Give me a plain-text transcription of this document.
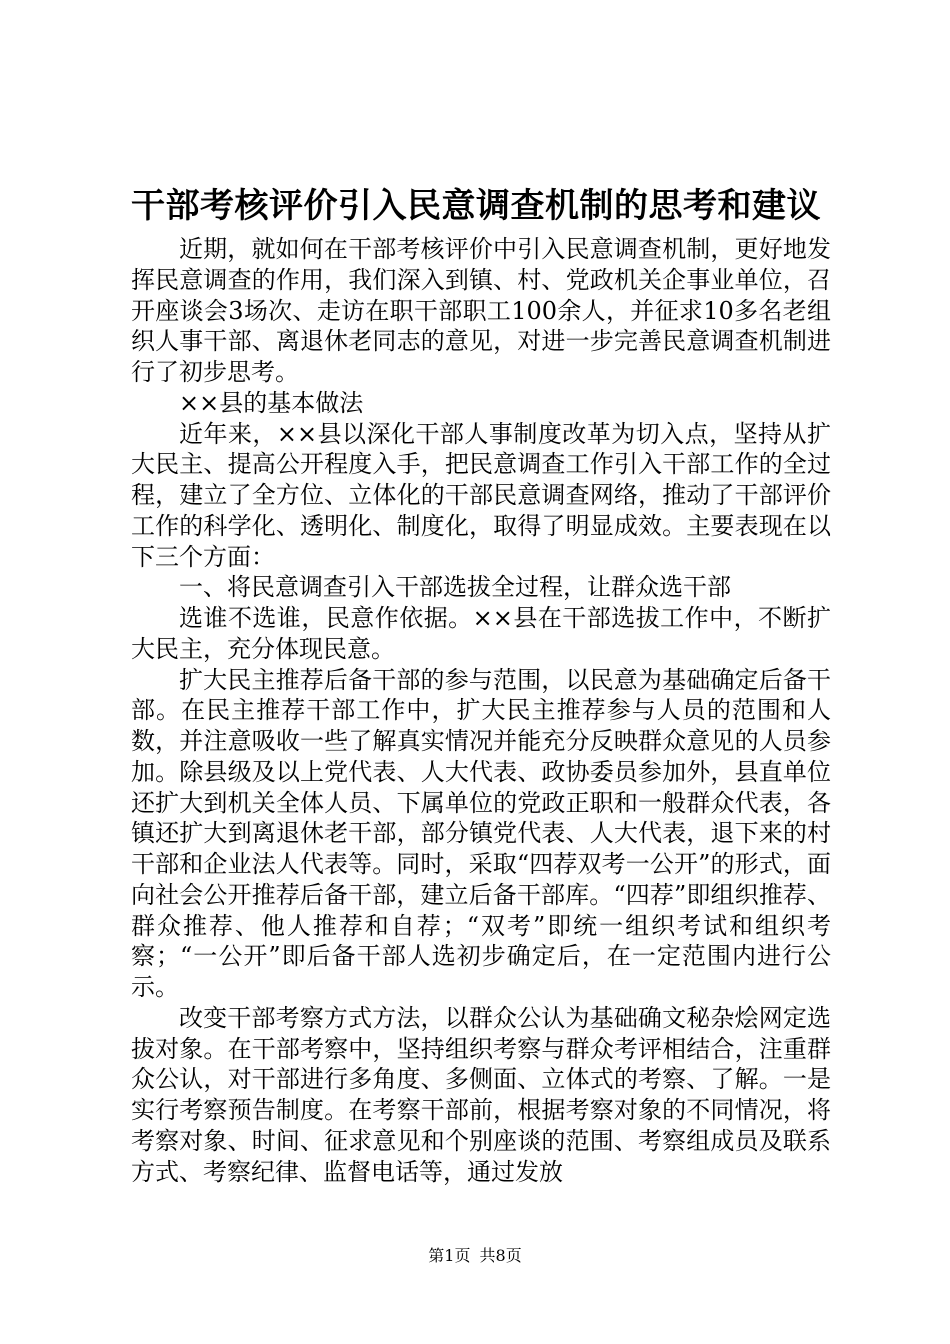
干部考核评价引入民意调查机制的思考和建议

近期，就如何在干部考核评价中引入民意调查机制，更好地发挥民意调查的作用，我们深入到镇、村、党政机关企事业单位，召开座谈会3场次、走访在职干部职工100余人，并征求10多名老组织人事干部、离退休老同志的意见，对进一步完善民意调查机制进行了初步思考。

××县的基本做法

近年来，××县以深化干部人事制度改革为切入点，坚持从扩大民主、提高公开程度入手，把民意调查工作引入干部工作的全过程，建立了全方位、立体化的干部民意调查网络，推动了干部评价工作的科学化、透明化、制度化，取得了明显成效。主要表现在以下三个方面：

一、将民意调查引入干部选拔全过程，让群众选干部

选谁不选谁，民意作依据。××县在干部选拔工作中，不断扩大民主，充分体现民意。

扩大民主推荐后备干部的参与范围，以民意为基础确定后备干部。在民主推荐干部工作中，扩大民主推荐参与人员的范围和人数，并注意吸收一些了解真实情况并能充分反映群众意见的人员参加。除县级及以上党代表、人大代表、政协委员参加外，县直单位还扩大到机关全体人员、下属单位的党政正职和一般群众代表，各镇还扩大到离退休老干部，部分镇党代表、人大代表，退下来的村干部和企业法人代表等。同时，采取“四荐双考一公开”的形式，面向社会公开推荐后备干部，建立后备干部库。“四荐”即组织推荐、群众推荐、他人推荐和自荐；“双考”即统一组织考试和组织考察；“一公开”即后备干部人选初步确定后，在一定范围内进行公示。

改变干部考察方式方法，以群众公认为基础确文秘杂烩网定选拔对象。在干部考察中，坚持组织考察与群众考评相结合，注重群众公认，对干部进行多角度、多侧面、立体式的考察、了解。一是实行考察预告制度。在考察干部前，根据考察对象的不同情况，将考察对象、时间、征求意见和个别座谈的范围、考察组成员及联系方式、考察纪律、监督电话等，通过发放

第1页 共8页
